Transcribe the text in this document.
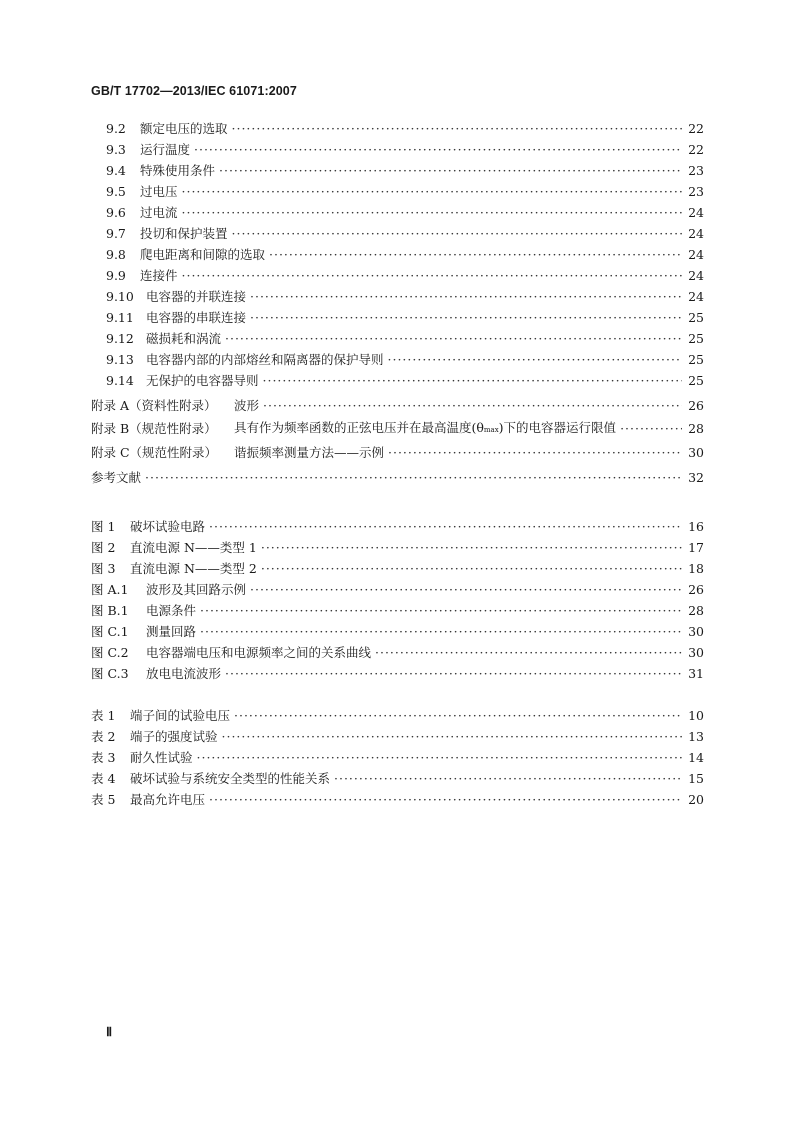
GB/T 17702—2013/IEC 61071:2007
9.2 额定电压的选取 ·····	22
9.3 运行温度 ·····	22
9.4 特殊使用条件 ·····	23
9.5 过电压 ·····	23
9.6 过电流 ·····	24
9.7 投切和保护装置 ·····	24
9.8 爬电距离和间隙的选取 ·····	24
9.9 连接件 ·····	24
9.10 电容器的并联连接 ·····	24
9.11 电容器的串联连接 ·····	25
9.12 磁损耗和涡流 ·····	25
9.13 电容器内部的内部熔丝和隔离器的保护导则 ·····	25
9.14 无保护的电容器导则 ·····	25
附录 A（资料性附录） 波形 ·····	26
附录 B（规范性附录） 具有作为频率函数的正弦电压并在最高温度(θmax)下的电容器运行限值 ·····	28
附录 C（规范性附录） 谐振频率测量方法——示例 ·····	30
参考文献 ·····	32
图 1 破坏试验电路 ·····	16
图 2 直流电源 N——类型 1 ·····	17
图 3 直流电源 N——类型 2 ·····	18
图 A.1 波形及其回路示例 ·····	26
图 B.1 电源条件 ·····	28
图 C.1 测量回路 ·····	30
图 C.2 电容器端电压和电源频率之间的关系曲线 ·····	30
图 C.3 放电电流波形 ·····	31
表 1 端子间的试验电压 ·····	10
表 2 端子的强度试验 ·····	13
表 3 耐久性试验 ·····	14
表 4 破坏试验与系统安全类型的性能关系 ·····	15
表 5 最高允许电压 ·····	20
Ⅱ
